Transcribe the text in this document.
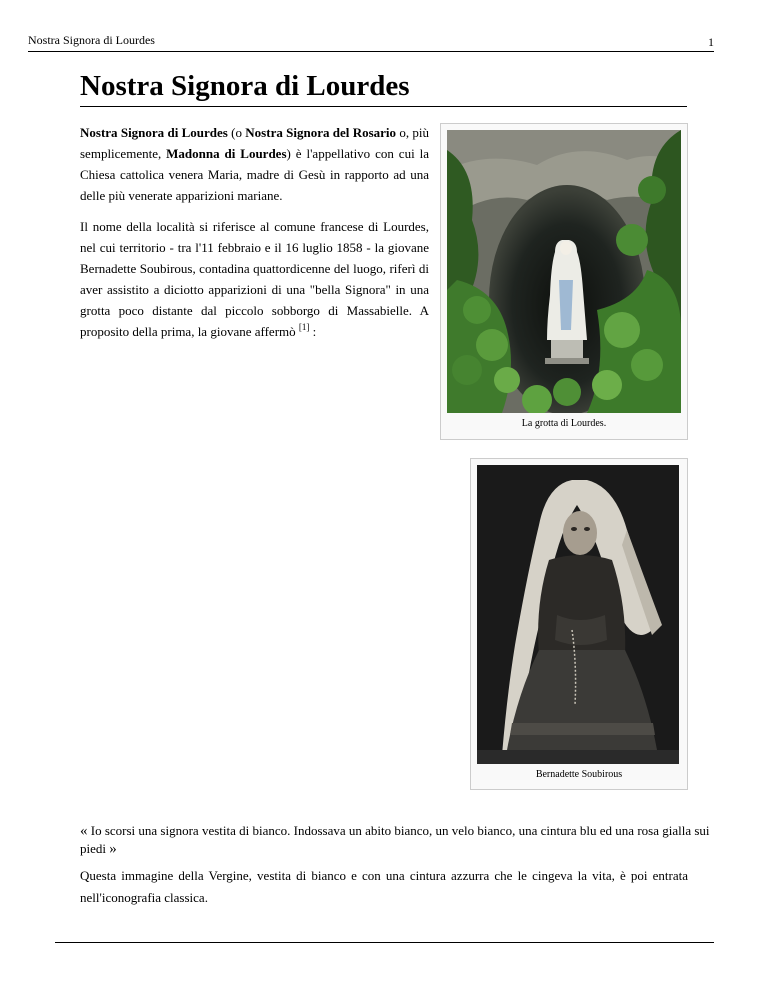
Nostra Signora di Lourdes	1
Nostra Signora di Lourdes

Nostra Signora di Lourdes (o Nostra Signora del Rosario o, più semplicemente, Madonna di Lourdes) è l'appellativo con cui la Chiesa cattolica venera Maria, madre di Gesù in rapporto ad una delle più venerate apparizioni mariane.

Il nome della località si riferisce al comune francese di Lourdes, nel cui territorio - tra l'11 febbraio e il 16 luglio 1858 - la giovane Bernadette Soubirous, contadina quattordicenne del luogo, riferì di aver assistito a diciotto apparizioni di una "bella Signora" in una grotta poco distante dal piccolo sobborgo di Massabielle. A proposito della prima, la giovane affermò [1] :

La grotta di Lourdes.
Bernadette Soubirous
« Io scorsi una signora vestita di bianco. Indossava un abito bianco, un velo bianco, una cintura blu ed una rosa gialla sui piedi »
Questa immagine della Vergine, vestita di bianco e con una cintura azzurra che le cingeva la vita, è poi entrata nell'iconografia classica.
